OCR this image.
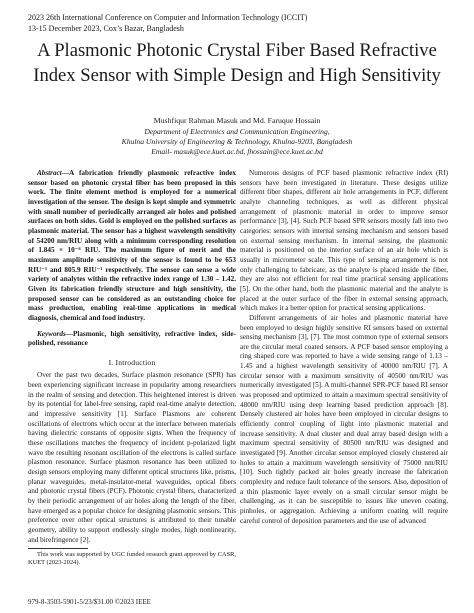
2023 26th International Conference on Computer and Information Technology (ICCIT)
13-15 December 2023, Cox’s Bazar, Bangladesh
A Plasmonic Photonic Crystal Fiber Based Refractive Index Sensor with Simple Design and High Sensitivity
Mushfiqur Rahman Masuk and Md. Faruque Hossain
Department of Electronics and Communication Engineering,
Khulna University of Engineering & Technology, Khulna-9203, Bangladesh
Email- masuk@ece.kuet.ac.bd, fhossain@ece.kuet.ac.bd

Abstract—A fabrication friendly plasmonic refractive index sensor based on photonic crystal fiber has been proposed in this work. The finite element method is employed for a numerical investigation of the sensor. The design is kept simple and symmetric with small number of periodically arranged air holes and polished surfaces on both sides. Gold is employed on the polished surfaces as plasmonic material. The sensor has a highest wavelength sensitivity of 54200 nm/RIU along with a minimum corresponding resolution of 1.845 × 10⁻⁶ RIU. The maximum figure of merit and the maximum amplitude sensitivity of the sensor is found to be 653 RIU⁻¹ and 805.9 RIU⁻¹ respectively. The sensor can sense a wide variety of analytes within the refractive index range of 1.30 – 1.42. Given its fabrication friendly structure and high sensitivity, the proposed sensor can be considered as an outstanding choice for mass production, enabling real-time applications in medical diagnosis, chemical and food industry.

Keywords—Plasmonic, high sensitivity, refractive index, side-polished, resonance

I. Introduction

Over the past two decades, Surface plasmon resonance (SPR) has been experiencing significant increase in popularity among researchers in the realm of sensing and detection. This heightened interest is driven by its potential for label-free sensing, rapid real-time analyte detection, and impressive sensitivity [1]. Surface Plasmons are coherent oscillations of electrons which occur at the interface between materials having dielectric constants of opposite signs. When the frequency of these oscillations matches the frequency of incident p-polarized light wave the resulting resonant oscillation of the electrons is called surface plasmon resonance. Surface plasmon resonance has been utilized to design sensors employing many different optical structures like, prisms, planar waveguides, metal-insulator-metal waveguides, optical fibers and photonic crystal fibers (PCF). Photonic crystal fibers, characterized by their periodic arrangement of air holes along the length of the fiber, have emerged as a popular choice for designing plasmonic sensors. This preference over other optical structures is attributed to their tunable geometry, ability to support endlessly single modes, high nonlinearity, and birefringence [2].

This work was supported by UGC funded research grant approved by CASR, KUET (2023-2024).

Numerous designs of PCF based plasmonic refractive index (RI) sensors have been investigated in literature. These designs utilize different fiber shapes, different air hole arrangements in PCF, different analyte channeling techniques, as well as different physical arrangement of plasmonic material in order to improve sensor performance [3], [4]. Such PCF based SPR sensors mostly fall into two categories: sensors with internal sensing mechanism and sensors based on external sensing mechanism. In internal sensing, the plasmonic material is positioned on the interior surface of an air hole which is usually in micrometer scale. This type of sensing arrangement is not only challenging to fabricate, as the analyte is placed inside the fiber, they are also not efficient for real time practical sensing applications [5]. On the other hand, both the plasmonic material and the analyte is placed at the outer surface of the fiber in external sensing approach, which makes it a better option for practical sensing applications.

Different arrangements of air holes and plasmonic material have been employed to design highly sensitive RI sensors based on external sensing mechanism [3], [7]. The most common type of external sensors are the circular metal coated sensors. A PCF based sensor employing a ring shaped core was reported to have a wide sensing range of 1.13 – 1.45 and a highest wavelength sensitivity of 40000 nm/RIU [7]. A circular sensor with a maximum sensitivity of 40500 nm/RIU was numerically investigated [5]. A multi-channel SPR-PCF based RI sensor was proposed and optimized to attain a maximum spectral sensitivity of 48000 nm/RIU using deep learning based prediction approach [8]. Densely clustered air holes have been employed in circular designs to efficiently control coupling of light into plasmonic material and increase sensitivity. A dual cluster and dual array based design with a maximum spectral sensitivity of 80500 nm/RIU was designed and investigated [9]. Another circular sensor employed closely clustered air holes to attain a maximum wavelength sensitivity of 75000 nm/RIU [10]. Such tightly packed air holes greatly increase the fabrication complexity and reduce fault tolerance of the sensors. Also, deposition of a thin plasmonic layer evenly on a small circular sensor might be challenging, as it can be susceptible to issues like uneven coating, pinholes, or aggregation. Achieving a uniform coating will require careful control of deposition parameters and the use of advanced

979-8-3503-5901-5/23/$31.00 ©2023 IEEE
